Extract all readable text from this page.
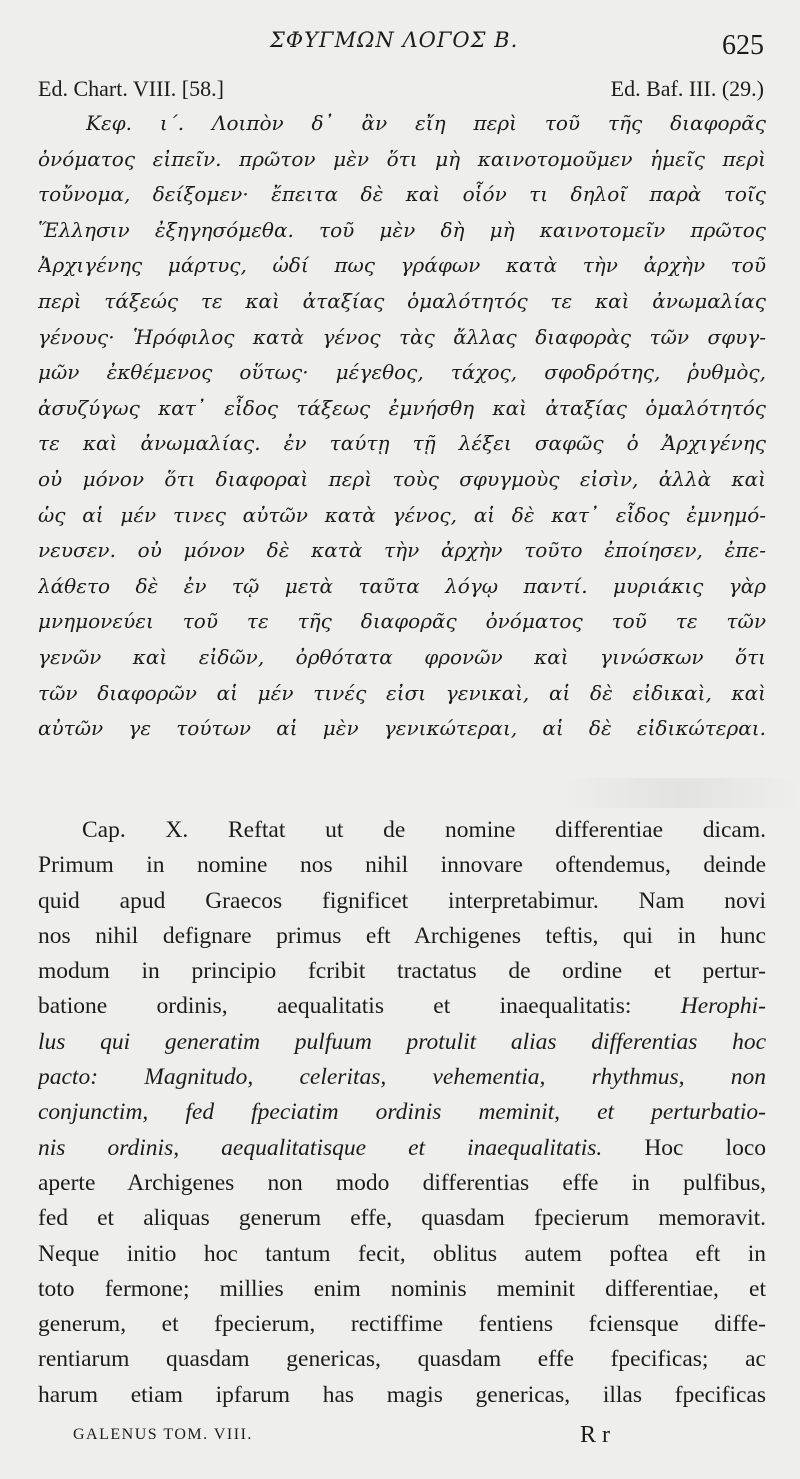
ΣΦΥΓΜΩΝ ΛΟΓΟΣ Β.	625
Ed. Chart. VIII. [58.]	Ed. Baf. III. (29.)
Κεφ. ι΄. Λοιπὸν δ᾽ ἂν εἴη περὶ τοῦ τῆς διαφορᾶς
ὀνόματος εἰπεῖν. πρῶτον μὲν ὅτι μὴ καινοτομοῦμεν ἡμεῖς περὶ
τοὔνομα, δείξομεν· ἔπειτα δὲ καὶ οἷόν τι δηλοῖ παρὰ τοῖς
Ἕλλησιν ἐξηγησόμεθα. τοῦ μὲν δὴ μὴ καινοτομεῖν πρῶτος
Ἀρχιγένης μάρτυς, ὡδί πως γράφων κατὰ τὴν ἀρχὴν τοῦ
περὶ τάξεώς τε καὶ ἀταξίας ὁμαλότητός τε καὶ ἀνωμαλίας
γένους· Ἡρόφιλος κατὰ γένος τὰς ἄλλας διαφορὰς τῶν σφυγ-
μῶν ἐκθέμενος οὕτως· μέγεθος, τάχος, σφοδρότης, ῥυθμὸς,
ἀσυζύγως κατ᾽ εἶδος τάξεως ἐμνήσθη καὶ ἀταξίας ὁμαλότητός
τε καὶ ἀνωμαλίας. ἐν ταύτῃ τῇ λέξει σαφῶς ὁ Ἀρχιγένης
οὐ μόνον ὅτι διαφοραὶ περὶ τοὺς σφυγμοὺς εἰσὶν, ἀλλὰ καὶ
ὡς αἱ μέν τινες αὐτῶν κατὰ γένος, αἱ δὲ κατ᾽ εἶδος ἐμνημό-
νευσεν. οὐ μόνον δὲ κατὰ τὴν ἀρχὴν τοῦτο ἐποίησεν, ἐπε-
λάθετο δὲ ἐν τῷ μετὰ ταῦτα λόγῳ παντί. μυριάκις γὰρ
μνημονεύει τοῦ τε τῆς διαφορᾶς ὀνόματος τοῦ τε τῶν
γενῶν καὶ εἰδῶν, ὀρθότατα φρονῶν καὶ γινώσκων ὅτι
τῶν διαφορῶν αἱ μέν τινές εἰσι γενικαὶ, αἱ δὲ εἰδικαὶ, καὶ
αὐτῶν γε τούτων αἱ μὲν γενικώτεραι, αἱ δὲ εἰδικώτεραι.
Cap. X. Reftat ut de nomine differentiae dicam.
Primum in nomine nos nihil innovare oftendemus, deinde
quid apud Graecos fignificet interpretabimur. Nam novi
nos nihil defignare primus eft Archigenes teftis, qui in hunc
modum in principio fcribit tractatus de ordine et pertur-
batione ordinis, aequalitatis et inaequalitatis: Herophi-
lus qui generatim pulfuum protulit alias differentias hoc
pacto: Magnitudo, celeritas, vehementia, rhythmus, non
conjunctim, fed fpeciatim ordinis meminit, et perturbatio-
nis ordinis, aequalitatisque et inaequalitatis. Hoc loco
aperte Archigenes non modo differentias effe in pulfibus,
fed et aliquas generum effe, quasdam fpecierum memoravit.
Neque initio hoc tantum fecit, oblitus autem poftea eft in
toto fermone; millies enim nominis meminit differentiae, et
generum, et fpecierum, rectiffime fentiens fciensque diffe-
rentiarum quasdam genericas, quasdam effe fpecificas; ac
harum etiam ipfarum has magis genericas, illas fpecificas
GALENUS TOM. VIII.	R r
